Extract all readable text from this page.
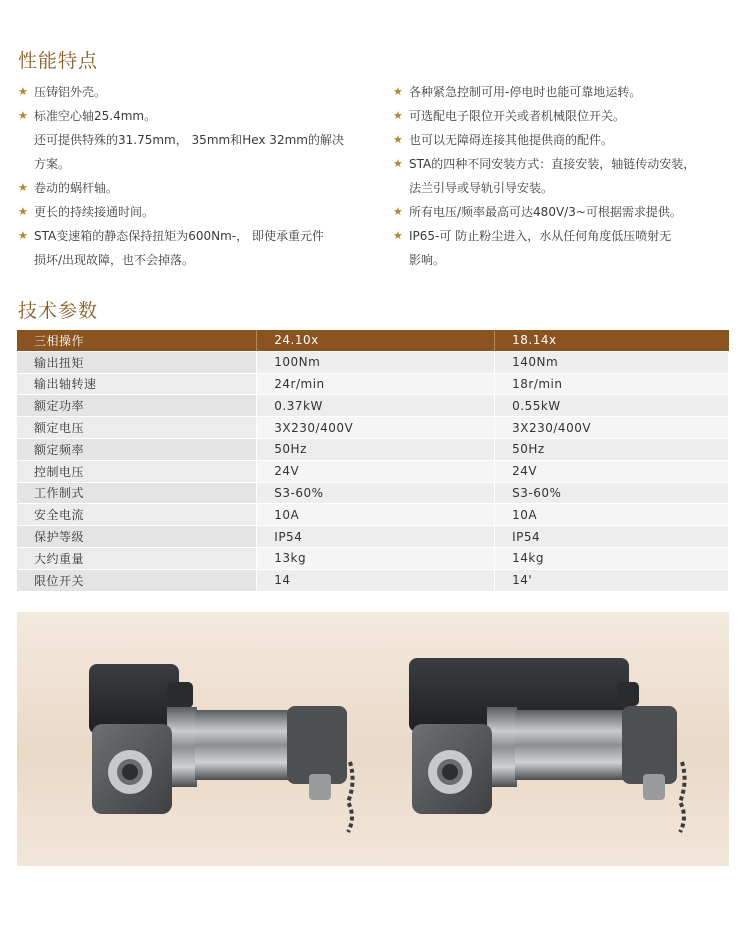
性能特点
★ 压铸铝外壳。
★ 标准空心轴25.4mm。
还可提供特殊的31.75mm， 35mm和Hex 32mm的解决
方案。
★ 卷动的蜗杆轴。
★ 更长的持续接通时间。
★ STA变速箱的静态保持扭矩为600Nm-， 即使承重元件
损坏/出现故障，也不会掉落。
★ 各种紧急控制可用-停电时也能可靠地运转。
★ 可选配电子限位开关或者机械限位开关。
★ 也可以无障碍连接其他提供商的配件。
★ STA的四种不同安装方式：直接安装，轴链传动安装，
法兰引导或导轨引导安装。
★ 所有电压/频率最高可达480V/3~可根据需求提供。
★ IP65-可 防止粉尘进入，水从任何角度低压喷射无
影响。
技术参数
三相操作	24.10x	18.14x
输出扭矩	100Nm	140Nm
输出轴转速	24r/min	18r/min
额定功率	0.37kW	0.55kW
额定电压	3X230/400V	3X230/400V
额定频率	50Hz	50Hz
控制电压	24V	24V
工作制式	S3-60%	S3-60%
安全电流	10A	10A
保护等级	IP54	IP54
大约重量	13kg	14kg
限位开关	14	14'
